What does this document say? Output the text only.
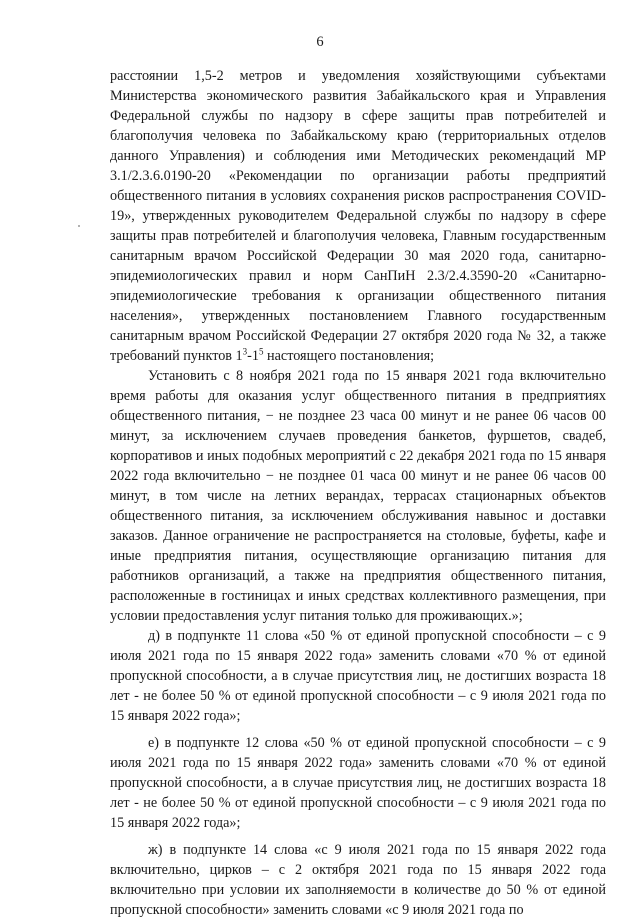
6

расстоянии 1,5-2 метров и уведомления хозяйствующими субъектами Министерства экономического развития Забайкальского края и Управления Федеральной службы по надзору в сфере защиты прав потребителей и благополучия человека по Забайкальскому краю (территориальных отделов данного Управления) и соблюдения ими Методических рекомендаций МР 3.1/2.3.6.0190-20 «Рекомендации по организации работы предприятий общественного питания в условиях сохранения рисков распространения COVID-19», утвержденных руководителем Федеральной службы по надзору в сфере защиты прав потребителей и благополучия человека, Главным государственным санитарным врачом Российской Федерации 30 мая 2020 года, санитарно-эпидемиологических правил и норм СанПиН 2.3/2.4.3590-20 «Санитарно-эпидемиологические требования к организации общественного питания населения», утвержденных постановлением Главного государственным санитарным врачом Российской Федерации 27 октября 2020 года № 32, а также требований пунктов $1^3-1^5$ настоящего постановления;

Установить с 8 ноября 2021 года по 15 января 2021 года включительно время работы для оказания услуг общественного питания в предприятиях общественного питания, − не позднее 23 часа 00 минут и не ранее 06 часов 00 минут, за исключением случаев проведения банкетов, фуршетов, свадеб, корпоративов и иных подобных мероприятий с 22 декабря 2021 года по 15 января 2022 года включительно − не позднее 01 часа 00 минут и не ранее 06 часов 00 минут, в том числе на летних верандах, террасах стационарных объектов общественного питания, за исключением обслуживания навынос и доставки заказов. Данное ограничение не распространяется на столовые, буфеты, кафе и иные предприятия питания, осуществляющие организацию питания для работников организаций, а также на предприятия общественного питания, расположенные в гостиницах и иных средствах коллективного размещения, при условии предоставления услуг питания только для проживающих.»;

д) в подпункте 11 слова «50 % от единой пропускной способности – с 9 июля 2021 года по 15 января 2022 года» заменить словами «70 % от единой пропускной способности, а в случае присутствия лиц, не достигших возраста 18 лет - не более 50 % от единой пропускной способности – с 9 июля 2021 года по 15 января 2022 года»;

е) в подпункте 12 слова «50 % от единой пропускной способности – с 9 июля 2021 года по 15 января 2022 года» заменить словами «70 % от единой пропускной способности, а в случае присутствия лиц, не достигших возраста 18 лет - не более 50 % от единой пропускной способности – с 9 июля 2021 года по 15 января 2022 года»;

ж) в подпункте 14 слова «с 9 июля 2021 года по 15 января 2022 года включительно, цирков – с 2 октября 2021 года по 15 января 2022 года включительно при условии их заполняемости в количестве до 50 % от единой пропускной способности» заменить словами «с 9 июля 2021 года по
